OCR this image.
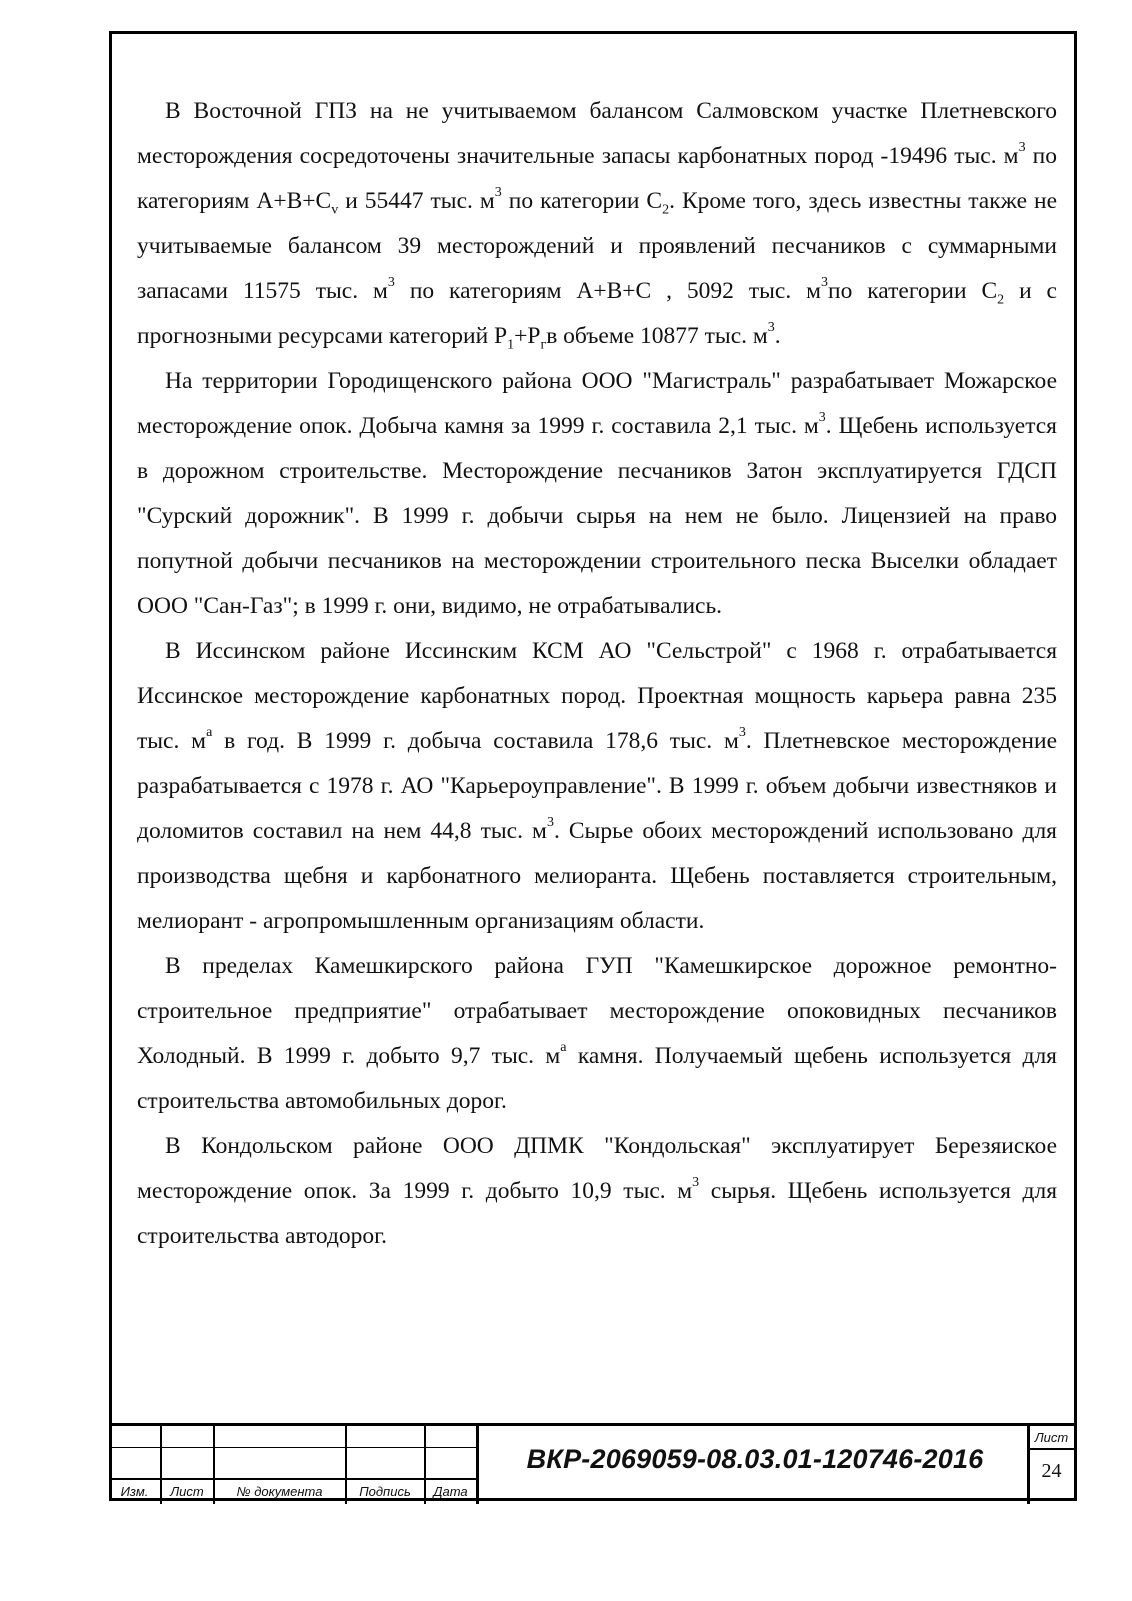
В Восточной ГПЗ на не учитываемом балансом Салмовском участке Плетневского месторождения сосредоточены значительные запасы карбонатных пород -19496 тыс. $м^3$ по категориям $А+В+С_v$ и 55447 тыс. $м^3$ по категории $С_2$. Кроме того, здесь известны также не учитываемые балансом 39 месторождений и проявлений песчаников с суммарными запасами 11575 тыс. $м^3$ по категориям А+В+С , 5092 тыс. $м^3по$ категории $С_2$ и с прогнозными ресурсами категорий $Р_1+Р_гв$ объеме 10877 тыс. $м^3$.

На территории Городищенского района ООО "Магистраль" разрабатывает Можарское месторождение опок. Добыча камня за 1999 г. составила 2,1 тыс. $м^3$. Щебень используется в дорожном строительстве. Месторождение песчаников Затон эксплуатируется ГДСП "Сурский дорожник". В 1999 г. добычи сырья на нем не было. Лицензией на право попутной добычи песчаников на месторождении строительного песка Выселки обладает ООО "Сан-Газ"; в 1999 г. они, видимо, не отрабатывались.

В Иссинском районе Иссинским КСМ АО "Сельстрой" с 1968 г. отрабатывается Иссинское месторождение карбонатных пород. Проектная мощность карьера равна 235 тыс. $м^а$ в год. В 1999 г. добыча составила 178,6 тыс. $м^3$. Плетневское месторождение разрабатывается с 1978 г. АО "Карьероуправление". В 1999 г. объем добычи известняков и доломитов составил на нем 44,8 тыс. $м^3$. Сырье обоих месторождений использовано для производства щебня и карбонатного мелиоранта. Щебень поставляется строительным, мелиорант - агропромышленным организациям области.

В пределах Камешкирского района ГУП "Камешкирское дорожное ремонтно-строительное предприятие" отрабатывает месторождение опоковидных песчаников Холодный. В 1999 г. добыто 9,7 тыс. $м^а$ камня. Получаемый щебень используется для строительства автомобильных дорог.

В Кондольском районе ООО ДПМК "Кондольская" эксплуатирует Березяиское месторождение опок. За 1999 г. добыто 10,9 тыс. $м^3$ сырья. Щебень используется для строительства автодорог.

Изм.	Лист	№ документа	Подпись	Дата
ВКР-2069059-08.03.01-120746-2016
Лист
24
